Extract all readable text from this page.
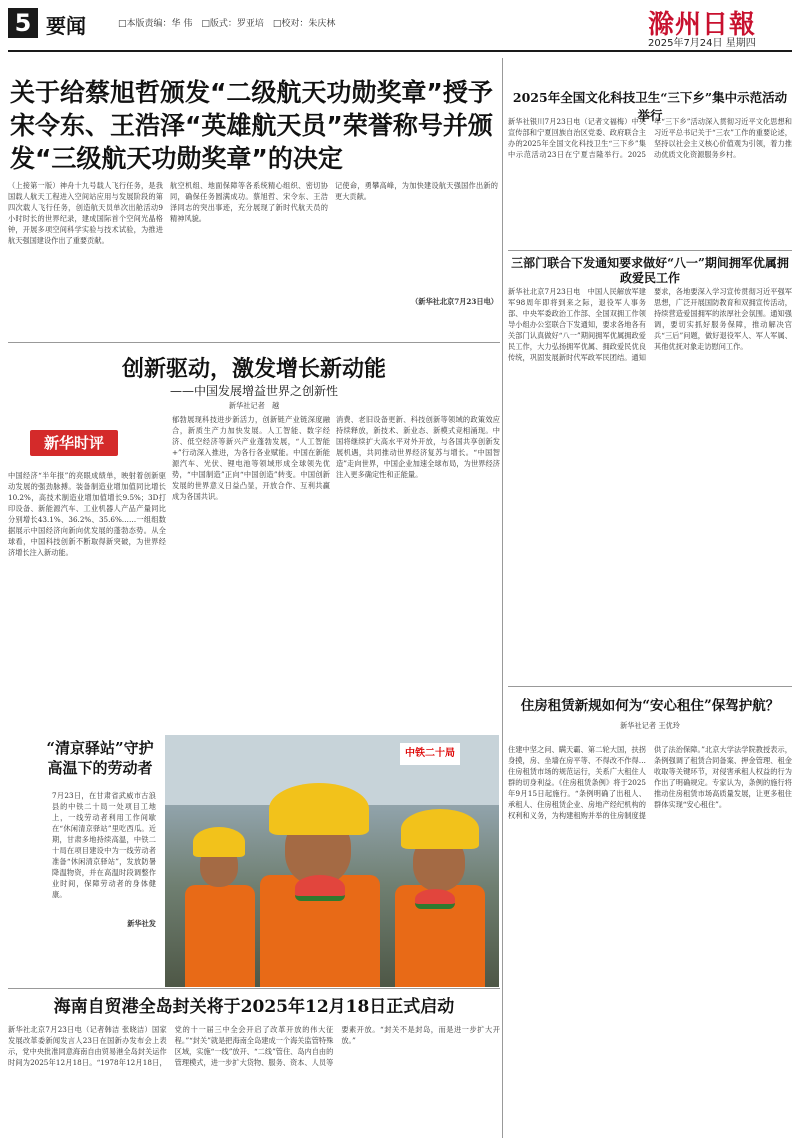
5 要闻	□本版责编：华 伟　□版式：罗亚培　□校对：朱庆林	滁州日報
2025年7月24日 星期四
关于给蔡旭哲颁发“二级航天功勋奖章”授予宋令东、王浩泽“英雄航天员”荣誉称号并颁发“三级航天功勋奖章”的决定
（上接第一版）神舟十九号载人飞行任务，是我国载人航天工程进入空间站应用与发展阶段的第四次载人飞行任务，创造航天员单次出舱活动9小时时长的世界纪录，建成国际首个空间光晶格钟，开展多项空间科学实验与技术试验，为推进航天强国建设作出了重要贡献。
航空机组、地面保障等各系统精心组织、密切协同，确保任务圆满成功。蔡旭哲、宋令东、王浩泽同志的突出事迹，充分展现了新时代航天员的精神风貌。
记使命，勇攀高峰，为加快建设航天强国作出新的更大贡献。
（新华社北京7月23日电）
2025年全国文化科技卫生“三下乡”集中示范活动举行
新华社银川7月23日电（记者文福梅）中央宣传部和宁夏回族自治区党委、政府联合主办的2025年全国文化科技卫生“三下乡”集中示范活动23日在宁夏吉隆举行。2025年“三下乡”活动深入贯彻习近平文化思想和习近平总书记关于“三农”工作的重要论述，坚持以社会主义核心价值观为引领，着力推动优质文化资源服务乡村。
三部门联合下发通知要求做好“八一”期间拥军优属拥政爱民工作
新华社北京7月23日电　中国人民解放军建军98周年即将到来之际，退役军人事务部、中央军委政治工作部、全国双拥工作领导小组办公室联合下发通知，要求各地各有关部门认真做好“八一”期间拥军优属拥政爱民工作，大力弘扬拥军优属、拥政爱民优良传统，巩固发展新时代军政军民团结。通知要求，各地要深入学习宣传贯彻习近平强军思想，广泛开展国防教育和双拥宣传活动，持续营造爱国拥军的浓厚社会氛围。通知强调，要切实抓好服务保障，推动解决官兵“三后”问题，做好退役军人、军人军属、其他优抚对象走访慰问工作。
创新驱动，激发增长新动能
——中国发展增益世界之创新性
新华社记者　越
新华时评
中国经济“半年报”的亮眼成绩单，映射着创新驱动发展的强劲脉搏。装备制造业增加值同比增长10.2%，高技术制造业增加值增长9.5%；3D打印设备、新能源汽车、工业机器人产品产量同比分别增长43.1%、36.2%、35.6%……一组组数据展示中国经济向新向优发展的蓬勃态势。从全球看，中国科技创新不断取得新突破，为世界经济增长注入新动能。
郁勃展现科技进步新活力，创新链产业链深度融合，新质生产力加快发展。人工智能、数字经济、低空经济等新兴产业蓬勃发展，“人工智能+”行动深入推进，为各行各业赋能。中国在新能源汽车、光伏、锂电池等领域形成全球领先优势，“中国制造”正向“中国创造”转变。中国创新发展的世界意义日益凸显，开放合作、互利共赢成为各国共识。
消费、老旧设备更新、科技创新等领域的政策效应持续释放，新技术、新业态、新模式竞相涌现。中国将继续扩大高水平对外开放，与各国共享创新发展机遇，共同推动世界经济复苏与增长。“中国智造”走向世界，中国企业加速全球布局，为世界经济注入更多确定性和正能量。
“清京驿站”守护高温下的劳动者
7月23日，在甘肃省武威市古浪县的中铁二十局一处项目工地上，一线劳动者利用工作间歇在“休闲清京驿站”里吃西瓜。近期，甘肃多地持续高温，中铁二十局在项目建设中为一线劳动者准备“休闲清京驿站”，发放防暑降温物资，并在高温时段调整作业时间，保障劳动者的身体健康。
新华社发
中铁二十局
住房租赁新规如何为“安心租住”保驾护航？
新华社记者 王优玲
住建中坚之问、瞒天霸、第二轮大国，扶拐身摸，房、坐墙在房平等、不得改不作得…住房租赁市场的规范运行，关系广大租住人群的切身利益。《住房租赁条例》将于2025年9月15日起施行。“条例明确了出租人、承租人、住房租赁企业、房地产经纪机构的权利和义务，为构建租购并举的住房制度提供了法治保障。”北京大学法学院教授表示，条例强调了租赁合同备案、押金管理、租金收取等关键环节，对侵害承租人权益的行为作出了明确规定。专家认为，条例的施行将推动住房租赁市场高质量发展，让更多租住群体实现“安心租住”。
海南自贸港全岛封关将于2025年12月18日正式启动
新华社北京7月23日电（记者韩洁 张晓洁）国家发展改革委新闻发言人23日在国新办发布会上表示，党中央批准同意海南自由贸易港全岛封关运作时间为2025年12月18日。“1978年12月18日，党的十一届三中全会开启了改革开放的伟大征程。”“封关”就是把海南全岛建成一个海关监管特殊区域，实施“一线”放开、“二线”管住、岛内自由的管理模式，进一步扩大货物、服务、资本、人员等要素开放。“封关不是封岛，而是进一步扩大开放。”
